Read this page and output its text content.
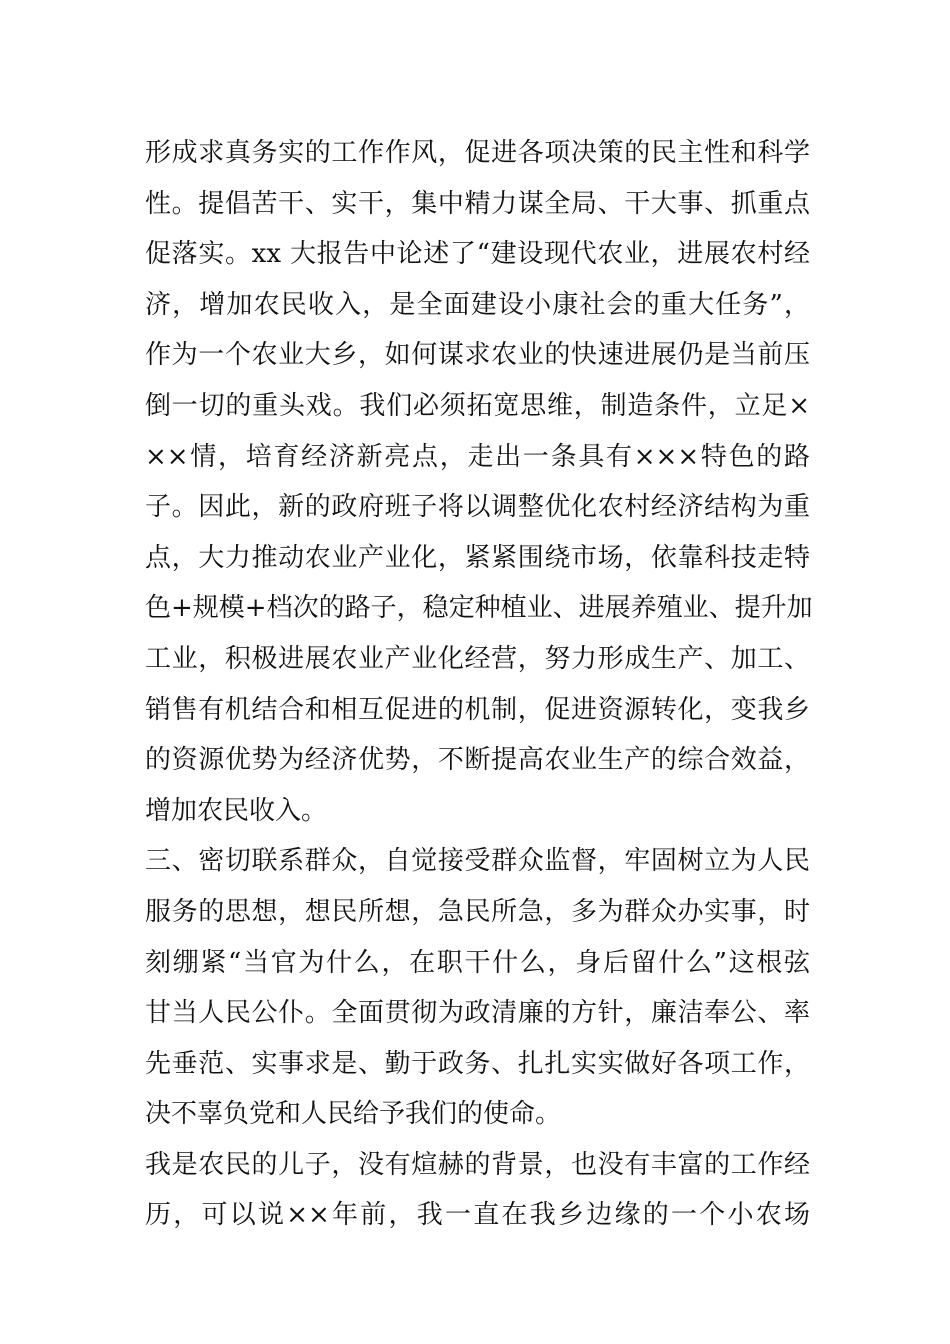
形成求真务实的工作作风，促进各项决策的民主性和科学
性。提倡苦干、实干，集中精力谋全局、干大事、抓重点
促落实。xx 大报告中论述了“建设现代农业，进展农村经
济，增加农民收入，是全面建设小康社会的重大任务”，
作为一个农业大乡，如何谋求农业的快速进展仍是当前压
倒一切的重头戏。我们必须拓宽思维，制造条件，立足×
××情，培育经济新亮点，走出一条具有×××特色的路
子。因此，新的政府班子将以调整优化农村经济结构为重
点，大力推动农业产业化，紧紧围绕市场，依靠科技走特
色+规模+档次的路子，稳定种植业、进展养殖业、提升加
工业，积极进展农业产业化经营，努力形成生产、加工、
销售有机结合和相互促进的机制，促进资源转化，变我乡
的资源优势为经济优势，不断提高农业生产的综合效益，
增加农民收入。
三、密切联系群众，自觉接受群众监督，牢固树立为人民
服务的思想，想民所想，急民所急，多为群众办实事，时
刻绷紧“当官为什么，在职干什么，身后留什么”这根弦
甘当人民公仆。全面贯彻为政清廉的方针，廉洁奉公、率
先垂范、实事求是、勤于政务、扎扎实实做好各项工作，
决不辜负党和人民给予我们的使命。
我是农民的儿子，没有煊赫的背景，也没有丰富的工作经
历，可以说××年前，我一直在我乡边缘的一个小农场
